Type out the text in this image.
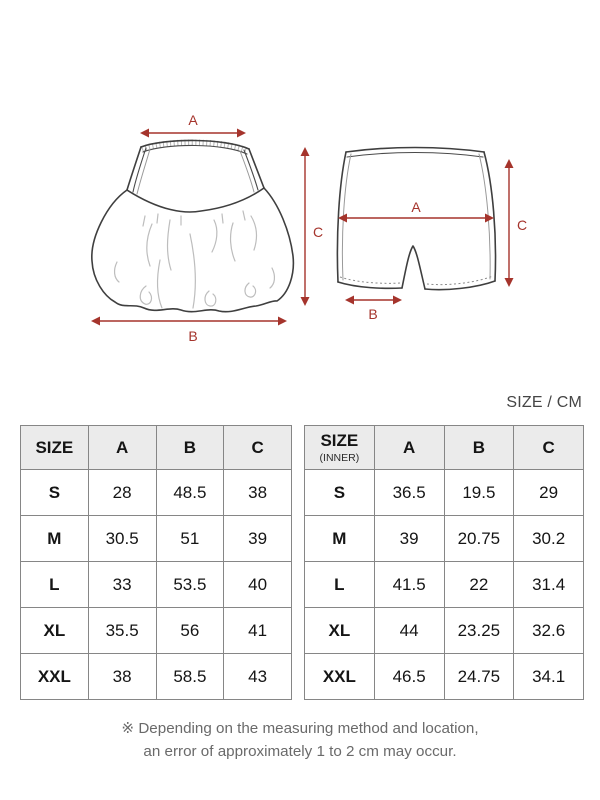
A
B
C
A
B
C
SIZE / CM
SIZE	A	B	C
S	28	48.5	38
M	30.5	51	39
L	33	53.5	40
XL	35.5	56	41
XXL	38	58.5	43
SIZE
(INNER)	A	B	C
S	36.5	19.5	29
M	39	20.75	30.2
L	41.5	22	31.4
XL	44	23.25	32.6
XXL	46.5	24.75	34.1
※ Depending on the measuring method and location,
an error of approximately 1 to 2 cm may occur.
